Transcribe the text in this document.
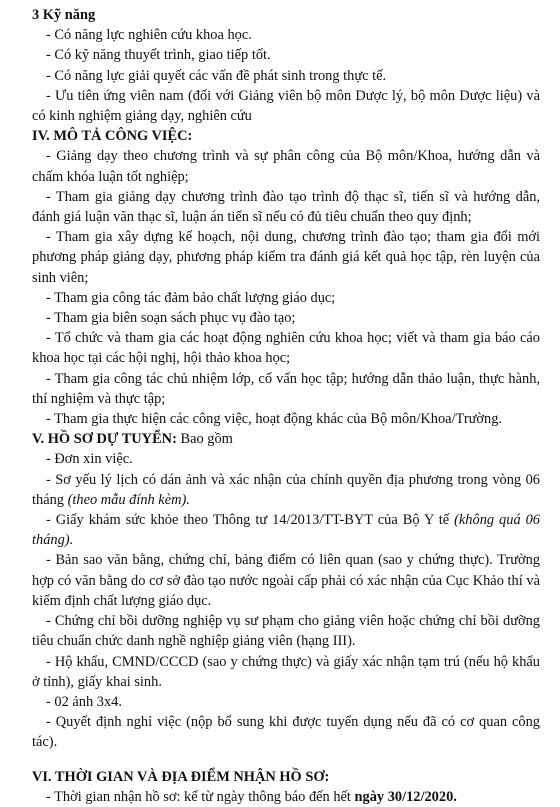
3 Kỹ năng

- Có năng lực nghiên cứu khoa học.

- Có kỹ năng thuyết trình, giao tiếp tốt.

- Có năng lực giải quyết các vấn đề phát sinh trong thực tế.

- Ưu tiên ứng viên nam (đối với Giảng viên bộ môn Dược lý, bộ môn Dược liệu) và có kinh nghiệm giảng dạy, nghiên cứu

IV. MÔ TẢ CÔNG VIỆC:

- Giảng dạy theo chương trình và sự phân công của Bộ môn/Khoa, hướng dẫn và chấm khóa luận tốt nghiệp;

- Tham gia giảng dạy chương trình đào tạo trình độ thạc sĩ, tiến sĩ và hướng dẫn, đánh giá luận văn thạc sĩ, luận án tiến sĩ nếu có đủ tiêu chuẩn theo quy định;

- Tham gia xây dựng kế hoạch, nội dung, chương trình đào tạo; tham gia đổi mới phương pháp giảng dạy, phương pháp kiểm tra đánh giá kết quả học tập, rèn luyện của sinh viên;

- Tham gia công tác đảm bảo chất lượng giáo dục;

- Tham gia biên soạn sách phục vụ đào tạo;

- Tổ chức và tham gia các hoạt động nghiên cứu khoa học; viết và tham gia báo cáo khoa học tại các hội nghị, hội thảo khoa học;

- Tham gia công tác chủ nhiệm lớp, cố vấn học tập; hướng dẫn thảo luận, thực hành, thí nghiệm và thực tập;

- Tham gia thực hiện các công việc, hoạt động khác của Bộ môn/Khoa/Trường.

V. HỒ SƠ DỰ TUYỂN: Bao gồm

- Đơn xin việc.

- Sơ yếu lý lịch có dán ảnh và xác nhận của chính quyền địa phương trong vòng 06 tháng (theo mẫu đính kèm).

- Giấy khám sức khỏe theo Thông tư 14/2013/TT-BYT của Bộ Y tế (không quá 06 tháng).

- Bản sao văn bằng, chứng chỉ, bảng điểm có liên quan (sao y chứng thực). Trường hợp có văn bằng do cơ sở đào tạo nước ngoài cấp phải có xác nhận của Cục Khảo thí và kiểm định chất lượng giáo dục.

- Chứng chỉ bồi dưỡng nghiệp vụ sư phạm cho giảng viên hoặc chứng chỉ bồi dưỡng tiêu chuẩn chức danh nghề nghiệp giảng viên (hạng III).

- Hộ khẩu, CMND/CCCD (sao y chứng thực) và giấy xác nhận tạm trú (nếu hộ khẩu ở tỉnh), giấy khai sinh.

- 02 ảnh 3x4.

- Quyết định nghỉ việc (nộp bổ sung khi được tuyển dụng nếu đã có cơ quan công tác).

VI. THỜI GIAN VÀ ĐỊA ĐIỂM NHẬN HỒ SƠ:

- Thời gian nhận hồ sơ: kể từ ngày thông báo đến hết ngày 30/12/2020.
